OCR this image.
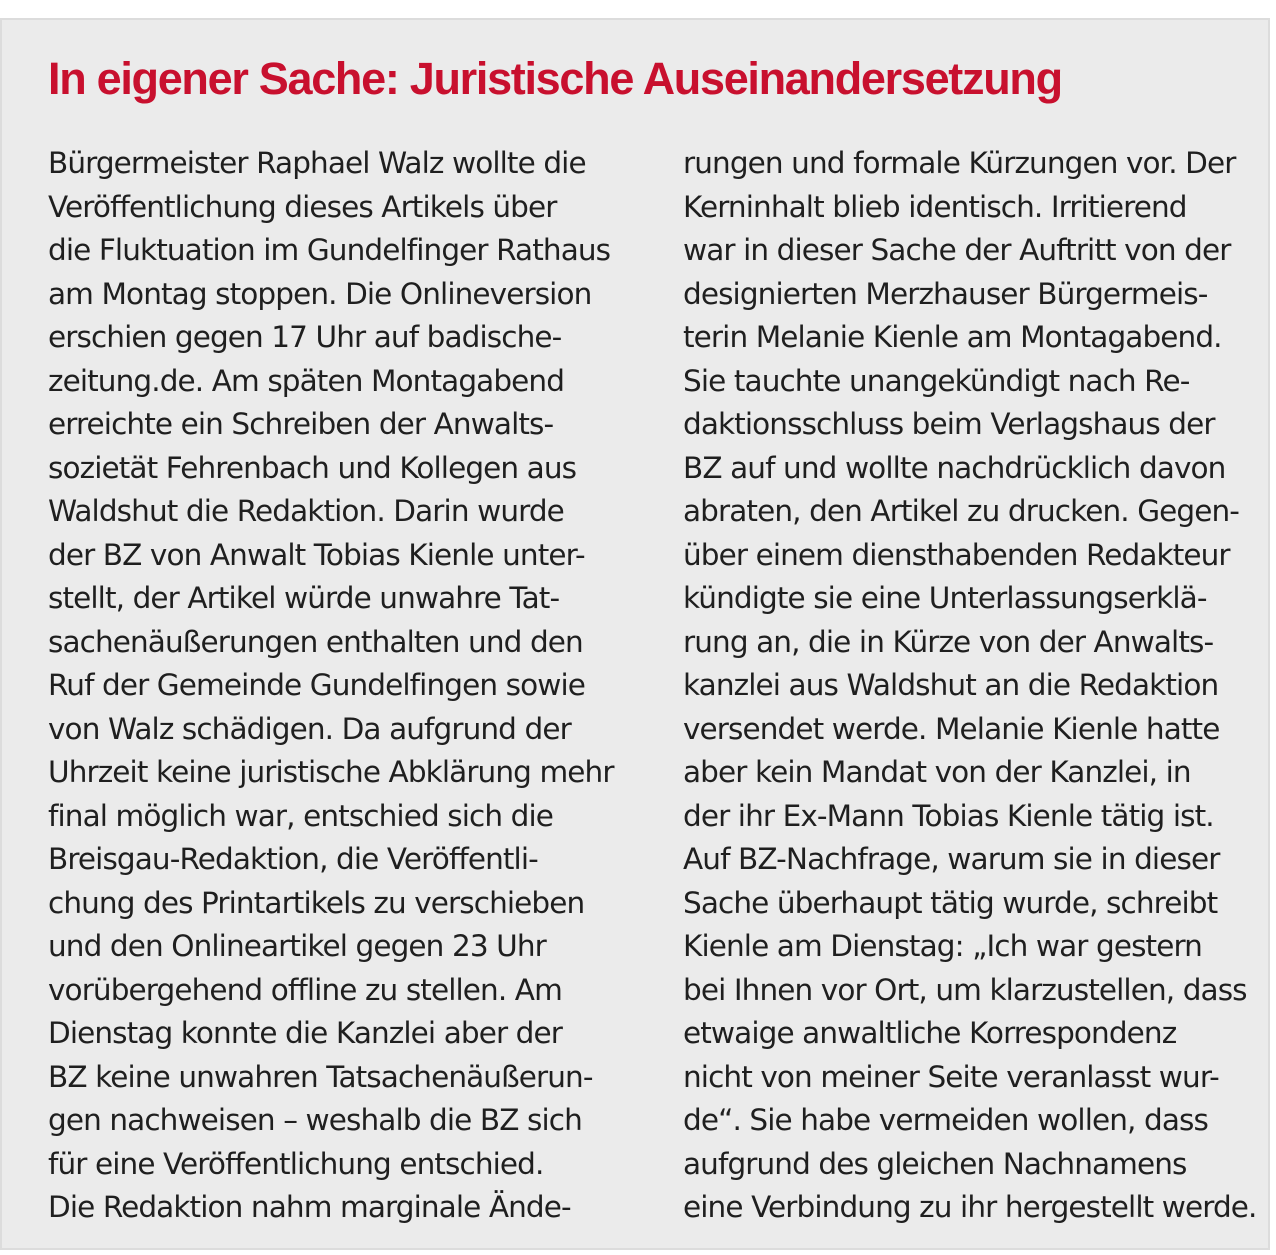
In eigener Sache: Juristische Auseinandersetzung
Bürgermeister Raphael Walz wollte die
Veröffentlichung dieses Artikels über
die Fluktuation im Gundelfinger Rathaus
am Montag stoppen. Die Onlineversion
erschien gegen 17 Uhr auf badische-
zeitung.de. Am späten Montagabend
erreichte ein Schreiben der Anwalts-
sozietät Fehrenbach und Kollegen aus
Waldshut die Redaktion. Darin wurde
der BZ von Anwalt Tobias Kienle unter-
stellt, der Artikel würde unwahre Tat-
sachenäußerungen enthalten und den
Ruf der Gemeinde Gundelfingen sowie
von Walz schädigen. Da aufgrund der
Uhrzeit keine juristische Abklärung mehr
final möglich war, entschied sich die
Breisgau-Redaktion, die Veröffentli-
chung des Printartikels zu verschieben
und den Onlineartikel gegen 23 Uhr
vorübergehend offline zu stellen. Am
Dienstag konnte die Kanzlei aber der
BZ keine unwahren Tatsachenäußerun-
gen nachweisen – weshalb die BZ sich
für eine Veröffentlichung entschied.
Die Redaktion nahm marginale Ände-
rungen und formale Kürzungen vor. Der
Kerninhalt blieb identisch. Irritierend
war in dieser Sache der Auftritt von der
designierten Merzhauser Bürgermeis-
terin Melanie Kienle am Montagabend.
Sie tauchte unangekündigt nach Re-
daktionsschluss beim Verlagshaus der
BZ auf und wollte nachdrücklich davon
abraten, den Artikel zu drucken. Gegen-
über einem diensthabenden Redakteur
kündigte sie eine Unterlassungserklä-
rung an, die in Kürze von der Anwalts-
kanzlei aus Waldshut an die Redaktion
versendet werde. Melanie Kienle hatte
aber kein Mandat von der Kanzlei, in
der ihr Ex-Mann Tobias Kienle tätig ist.
Auf BZ-Nachfrage, warum sie in dieser
Sache überhaupt tätig wurde, schreibt
Kienle am Dienstag: „Ich war gestern
bei Ihnen vor Ort, um klarzustellen, dass
etwaige anwaltliche Korrespondenz
nicht von meiner Seite veranlasst wur-
de“. Sie habe vermeiden wollen, dass
aufgrund des gleichen Nachnamens
eine Verbindung zu ihr hergestellt werde.
